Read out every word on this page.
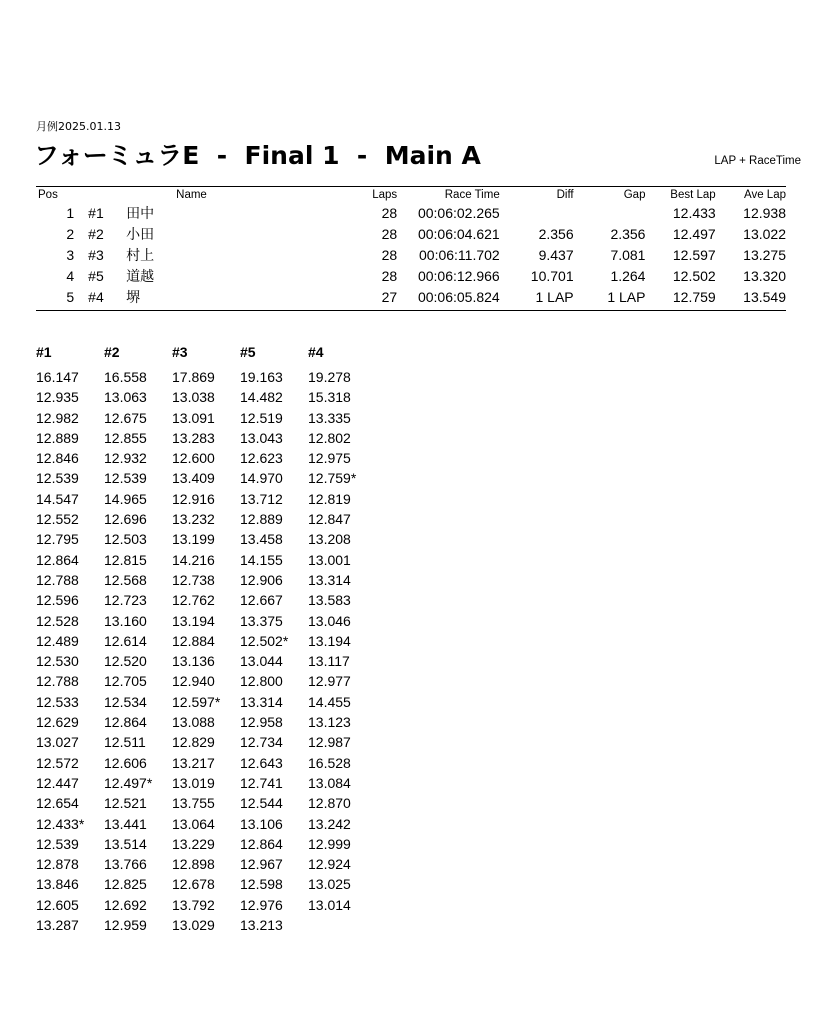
月例2025.01.13
フォーミュラE  -  Final 1  -  Main A	LAP + RaceTime
Pos		Name	Laps	Race Time	Diff	Gap	Best Lap	Ave Lap
1	#1	田中	28	00:06:02.265			12.433	12.938
2	#2	小田	28	00:06:04.621	2.356	2.356	12.497	13.022
3	#3	村上	28	00:06:11.702	9.437	7.081	12.597	13.275
4	#5	道越	28	00:06:12.966	10.701	1.264	12.502	13.320
5	#4	堺	27	00:06:05.824	1 LAP	1 LAP	12.759	13.549
#1	#2	#3	#5	#4
16.147	16.558	17.869	19.163	19.278
12.935	13.063	13.038	14.482	15.318
12.982	12.675	13.091	12.519	13.335
12.889	12.855	13.283	13.043	12.802
12.846	12.932	12.600	12.623	12.975
12.539	12.539	13.409	14.970	12.759*
14.547	14.965	12.916	13.712	12.819
12.552	12.696	13.232	12.889	12.847
12.795	12.503	13.199	13.458	13.208
12.864	12.815	14.216	14.155	13.001
12.788	12.568	12.738	12.906	13.314
12.596	12.723	12.762	12.667	13.583
12.528	13.160	13.194	13.375	13.046
12.489	12.614	12.884	12.502*	13.194
12.530	12.520	13.136	13.044	13.117
12.788	12.705	12.940	12.800	12.977
12.533	12.534	12.597*	13.314	14.455
12.629	12.864	13.088	12.958	13.123
13.027	12.511	12.829	12.734	12.987
12.572	12.606	13.217	12.643	16.528
12.447	12.497*	13.019	12.741	13.084
12.654	12.521	13.755	12.544	12.870
12.433*	13.441	13.064	13.106	13.242
12.539	13.514	13.229	12.864	12.999
12.878	13.766	12.898	12.967	12.924
13.846	12.825	12.678	12.598	13.025
12.605	12.692	13.792	12.976	13.014
13.287	12.959	13.029	13.213	
